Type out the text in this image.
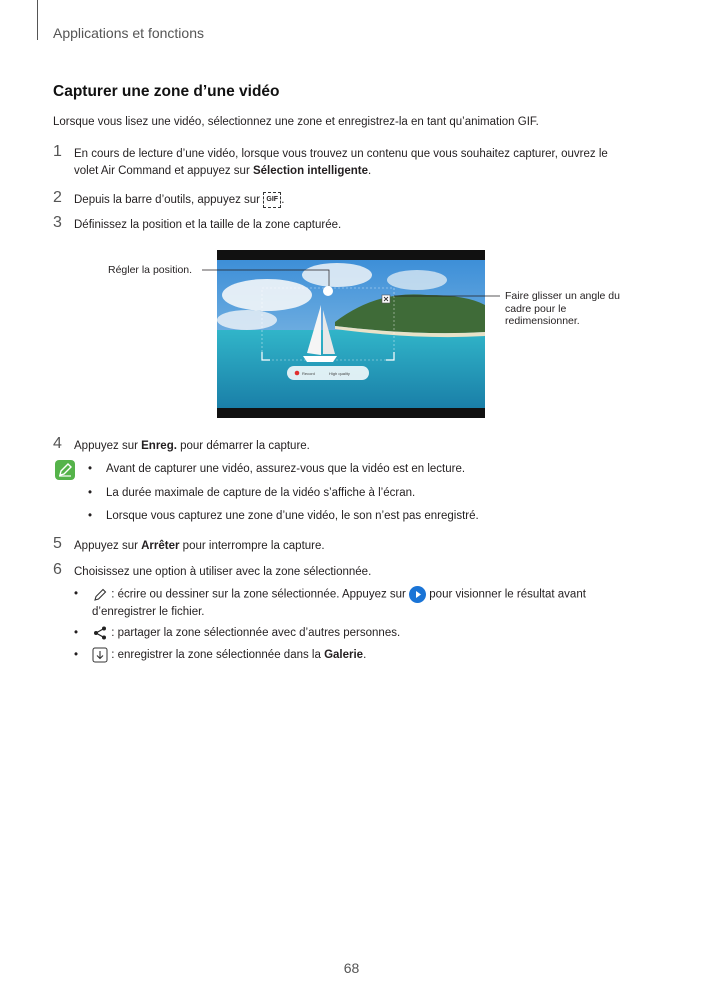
Applications et fonctions
Capturer une zone d’une vidéo
Lorsque vous lisez une vidéo, sélectionnez une zone et enregistrez-la en tant qu’animation GIF.
1	En cours de lecture d’une vidéo, lorsque vous trouvez un contenu que vous souhaitez capturer, ouvrez le
volet Air Command et appuyez sur Sélection intelligente.
2	Depuis la barre d’outils, appuyez sur GIF .
3	Définissez la position et la taille de la zone capturée.
Record	High quality
Régler la position.
Faire glisser un angle du
cadre pour le
redimensionner.
4	Appuyez sur Enreg. pour démarrer la capture.
• Avant de capturer une vidéo, assurez-vous que la vidéo est en lecture.
• La durée maximale de capture de la vidéo s’affiche à l’écran.
• Lorsque vous capturez une zone d’une vidéo, le son n’est pas enregistré.
5	Appuyez sur Arrêter pour interrompre la capture.
6	Choisissez une option à utiliser avec la zone sélectionnée.
•	: écrire ou dessiner sur la zone sélectionnée. Appuyez sur  pour visionner le résultat avant
d’enregistrer le fichier.
•	: partager la zone sélectionnée avec d’autres personnes.
•	: enregistrer la zone sélectionnée dans la Galerie.
68
